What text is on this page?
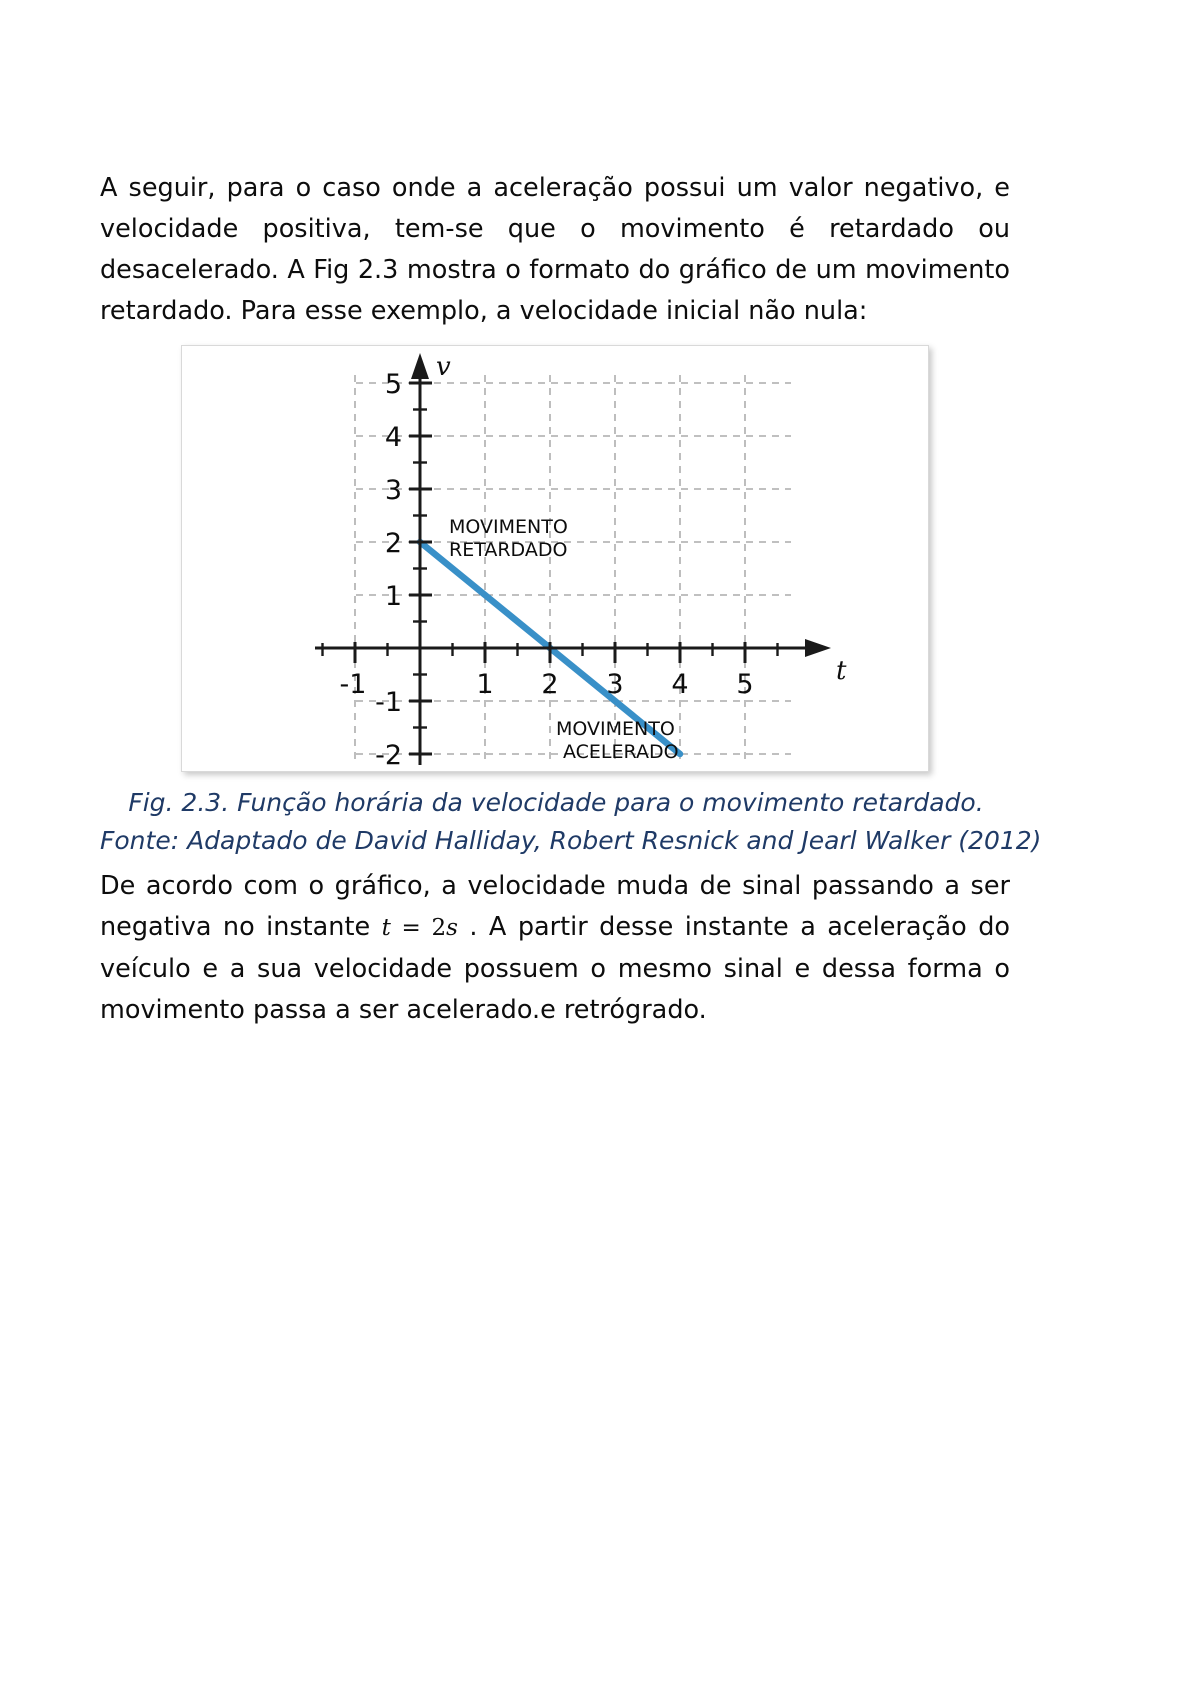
A seguir, para o caso onde a aceleração possui um valor negativo, e velocidade positiva, tem-se que o movimento é retardado ou desacelerado. A Fig 2.3 mostra o formato do gráfico de um movimento retardado. Para esse exemplo, a velocidade inicial não nula:

5
4
3
2
1
-1
-2
-1	1 2 3 4 5
v
t
MOVIMENTO
RETARDADO
MOVIMENTO
ACELERADO
Fig. 2.3. Função horária da velocidade para o movimento retardado.
Fonte: Adaptado de David Halliday, Robert Resnick and Jearl Walker (2012)

De acordo com o gráfico, a velocidade muda de sinal passando a ser negativa no instante t = 2s . A partir desse instante a aceleração do veículo e a sua velocidade possuem o mesmo sinal e dessa forma o movimento passa a ser acelerado.e retrógrado.
